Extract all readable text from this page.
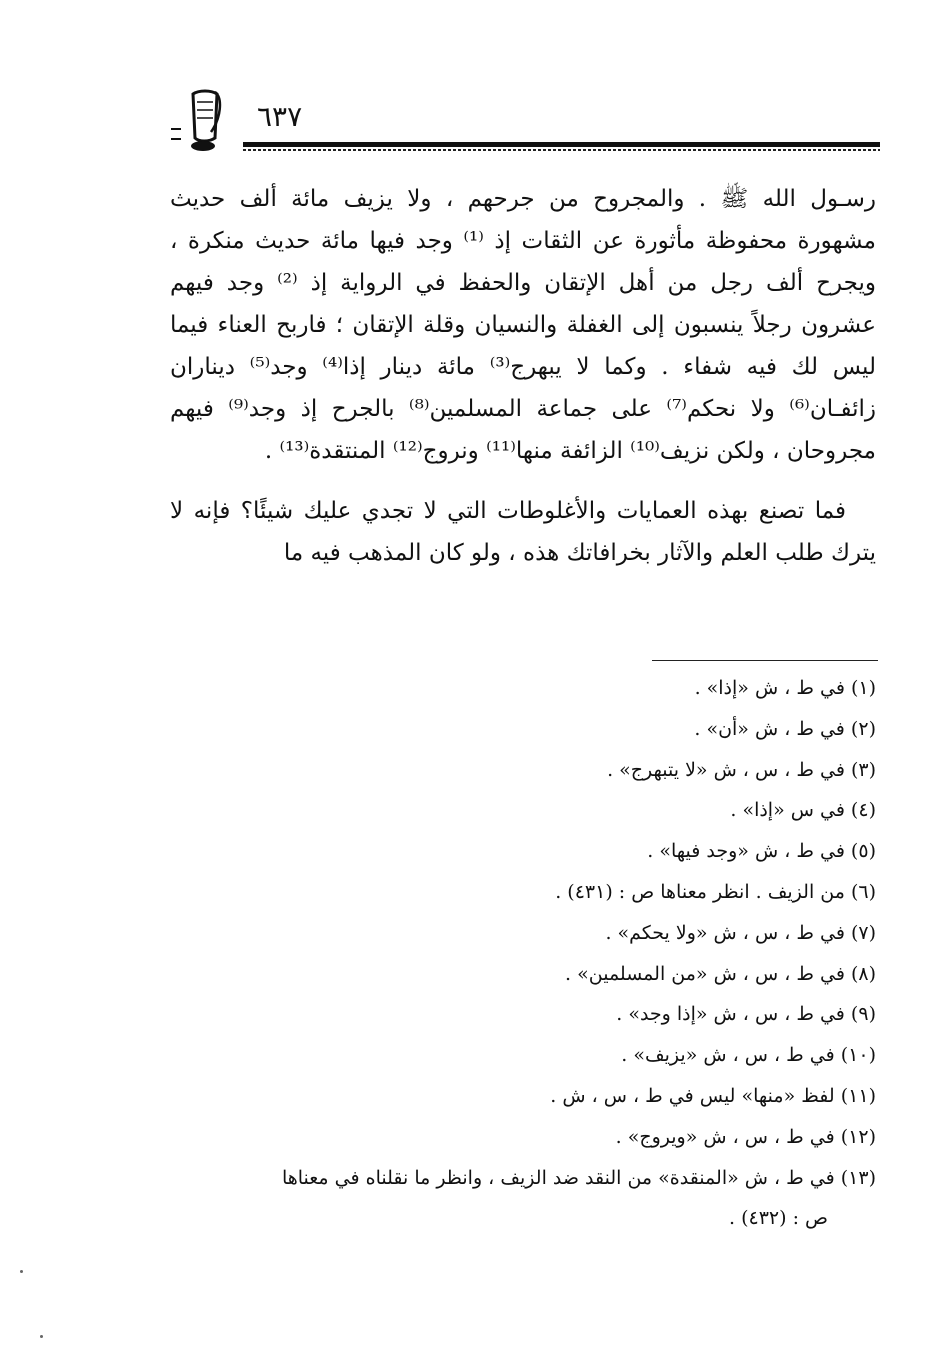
٦٣٧

رسـول الله ﷺ . والمجروح من جرحهم ، ولا يزيف مائة ألف حديث مشهورة محفوظة مأثورة عن الثقات إذ ⁽¹⁾ وجد فيها مائة حديث منكرة ، ويجرح ألف رجل من أهل الإتقان والحفظ في الرواية إذ ⁽²⁾ وجد فيهم عشرون رجلاً ينسبون إلى الغفلة والنسيان وقلة الإتقان ؛ فاربح العناء فيما ليس لك فيه شفاء . وكما لا يبهرج⁽³⁾ مائة دينار إذا⁽⁴⁾ وجد⁽⁵⁾ ديناران زائفـان⁽⁶⁾ ولا نحكم⁽⁷⁾ على جماعة المسلمين⁽⁸⁾ بالجرح إذ وجد⁽⁹⁾ فيهم مجروحان ، ولكن نزيف⁽¹⁰⁾ الزائفة منها⁽¹¹⁾ ونروج⁽¹²⁾ المنتقدة⁽¹³⁾ .

فما تصنع بهذه العمايات والأغلوطات التي لا تجدي عليك شيئًا؟ فإنه لا يترك طلب العلم والآثار بخرافاتك هذه ، ولو كان المذهب فيه ما

(١) في ط ، ش «إذا» .
(٢) في ط ، ش «أن» .
(٣) في ط ، س ، ش «لا يتبهرج» .
(٤) في س «إذا» .
(٥) في ط ، ش «وجد فيها» .
(٦) من الزيف . انظر معناها ص : (٤٣١) .
(٧) في ط ، س ، ش «ولا يحكم» .
(٨) في ط ، س ، ش «من المسلمين» .
(٩) في ط ، س ، ش «إذا وجد» .
(١٠) في ط ، س ، ش «يزيف» .
(١١) لفظ «منها» ليس في ط ، س ، ش .
(١٢) في ط ، س ، ش «ويروج» .
(١٣) في ط ، ش «المنقدة» من النقد ضد الزيف ، وانظر ما نقلناه في معناها
ص : (٤٣٢) .
